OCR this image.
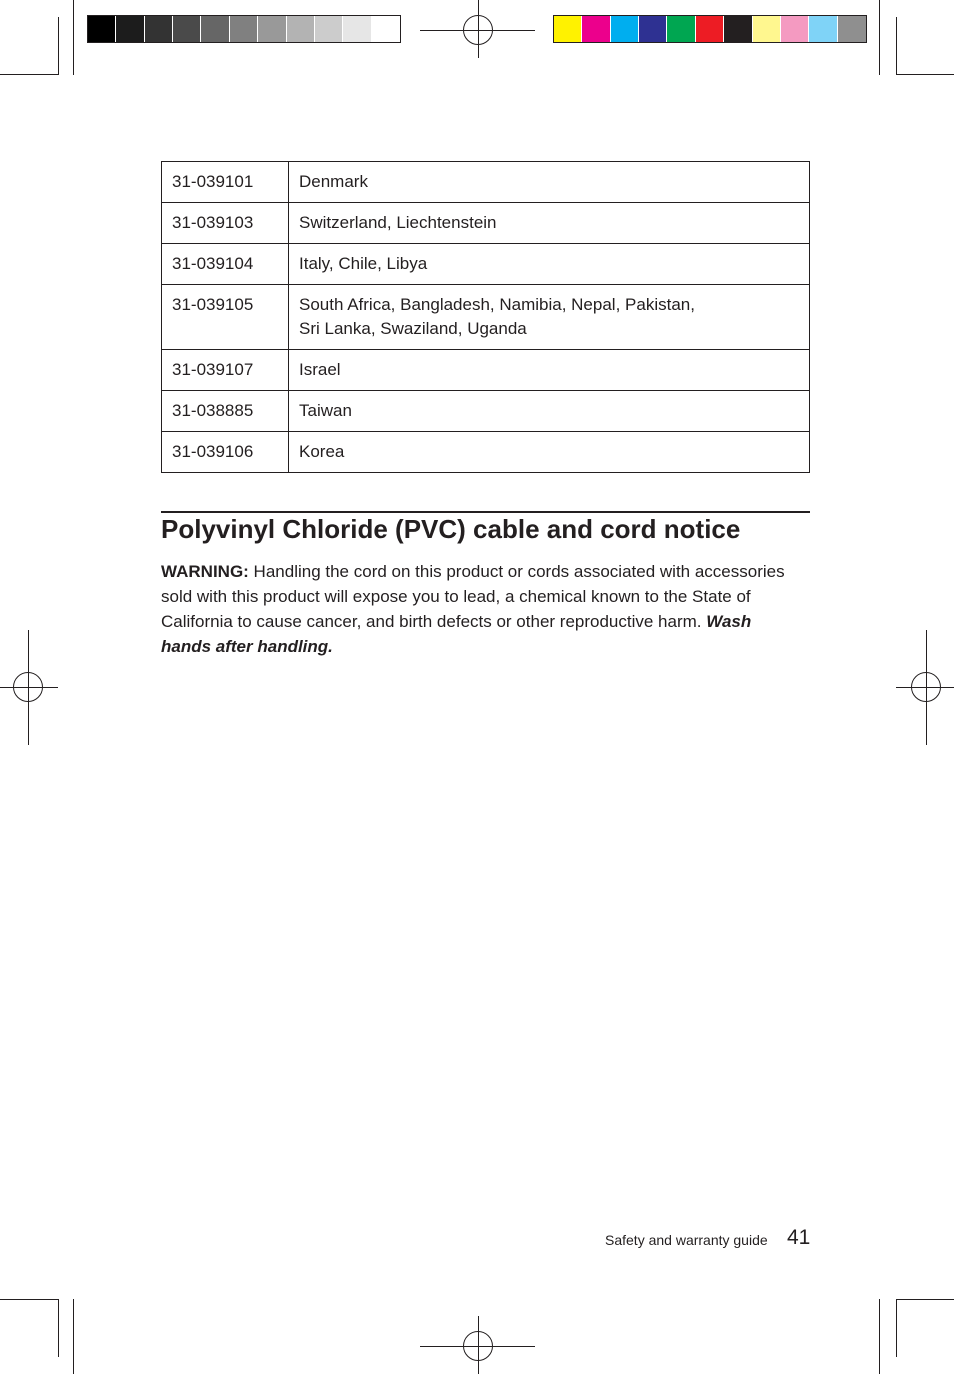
31-039101	Denmark
31-039103	Switzerland, Liechtenstein
31-039104	Italy, Chile, Libya
31-039105	South Africa, Bangladesh, Namibia, Nepal, Pakistan,
Sri Lanka, Swaziland, Uganda

31-039107	Israel
31-038885	Taiwan
31-039106	Korea
Polyvinyl Chloride (PVC) cable and cord notice

WARNING: Handling the cord on this product or cords associated with accessories sold with this product will expose you to lead, a chemical known to the State of California to cause cancer, and birth defects or other reproductive harm. Wash hands after handling.

Safety and warranty guide 41
